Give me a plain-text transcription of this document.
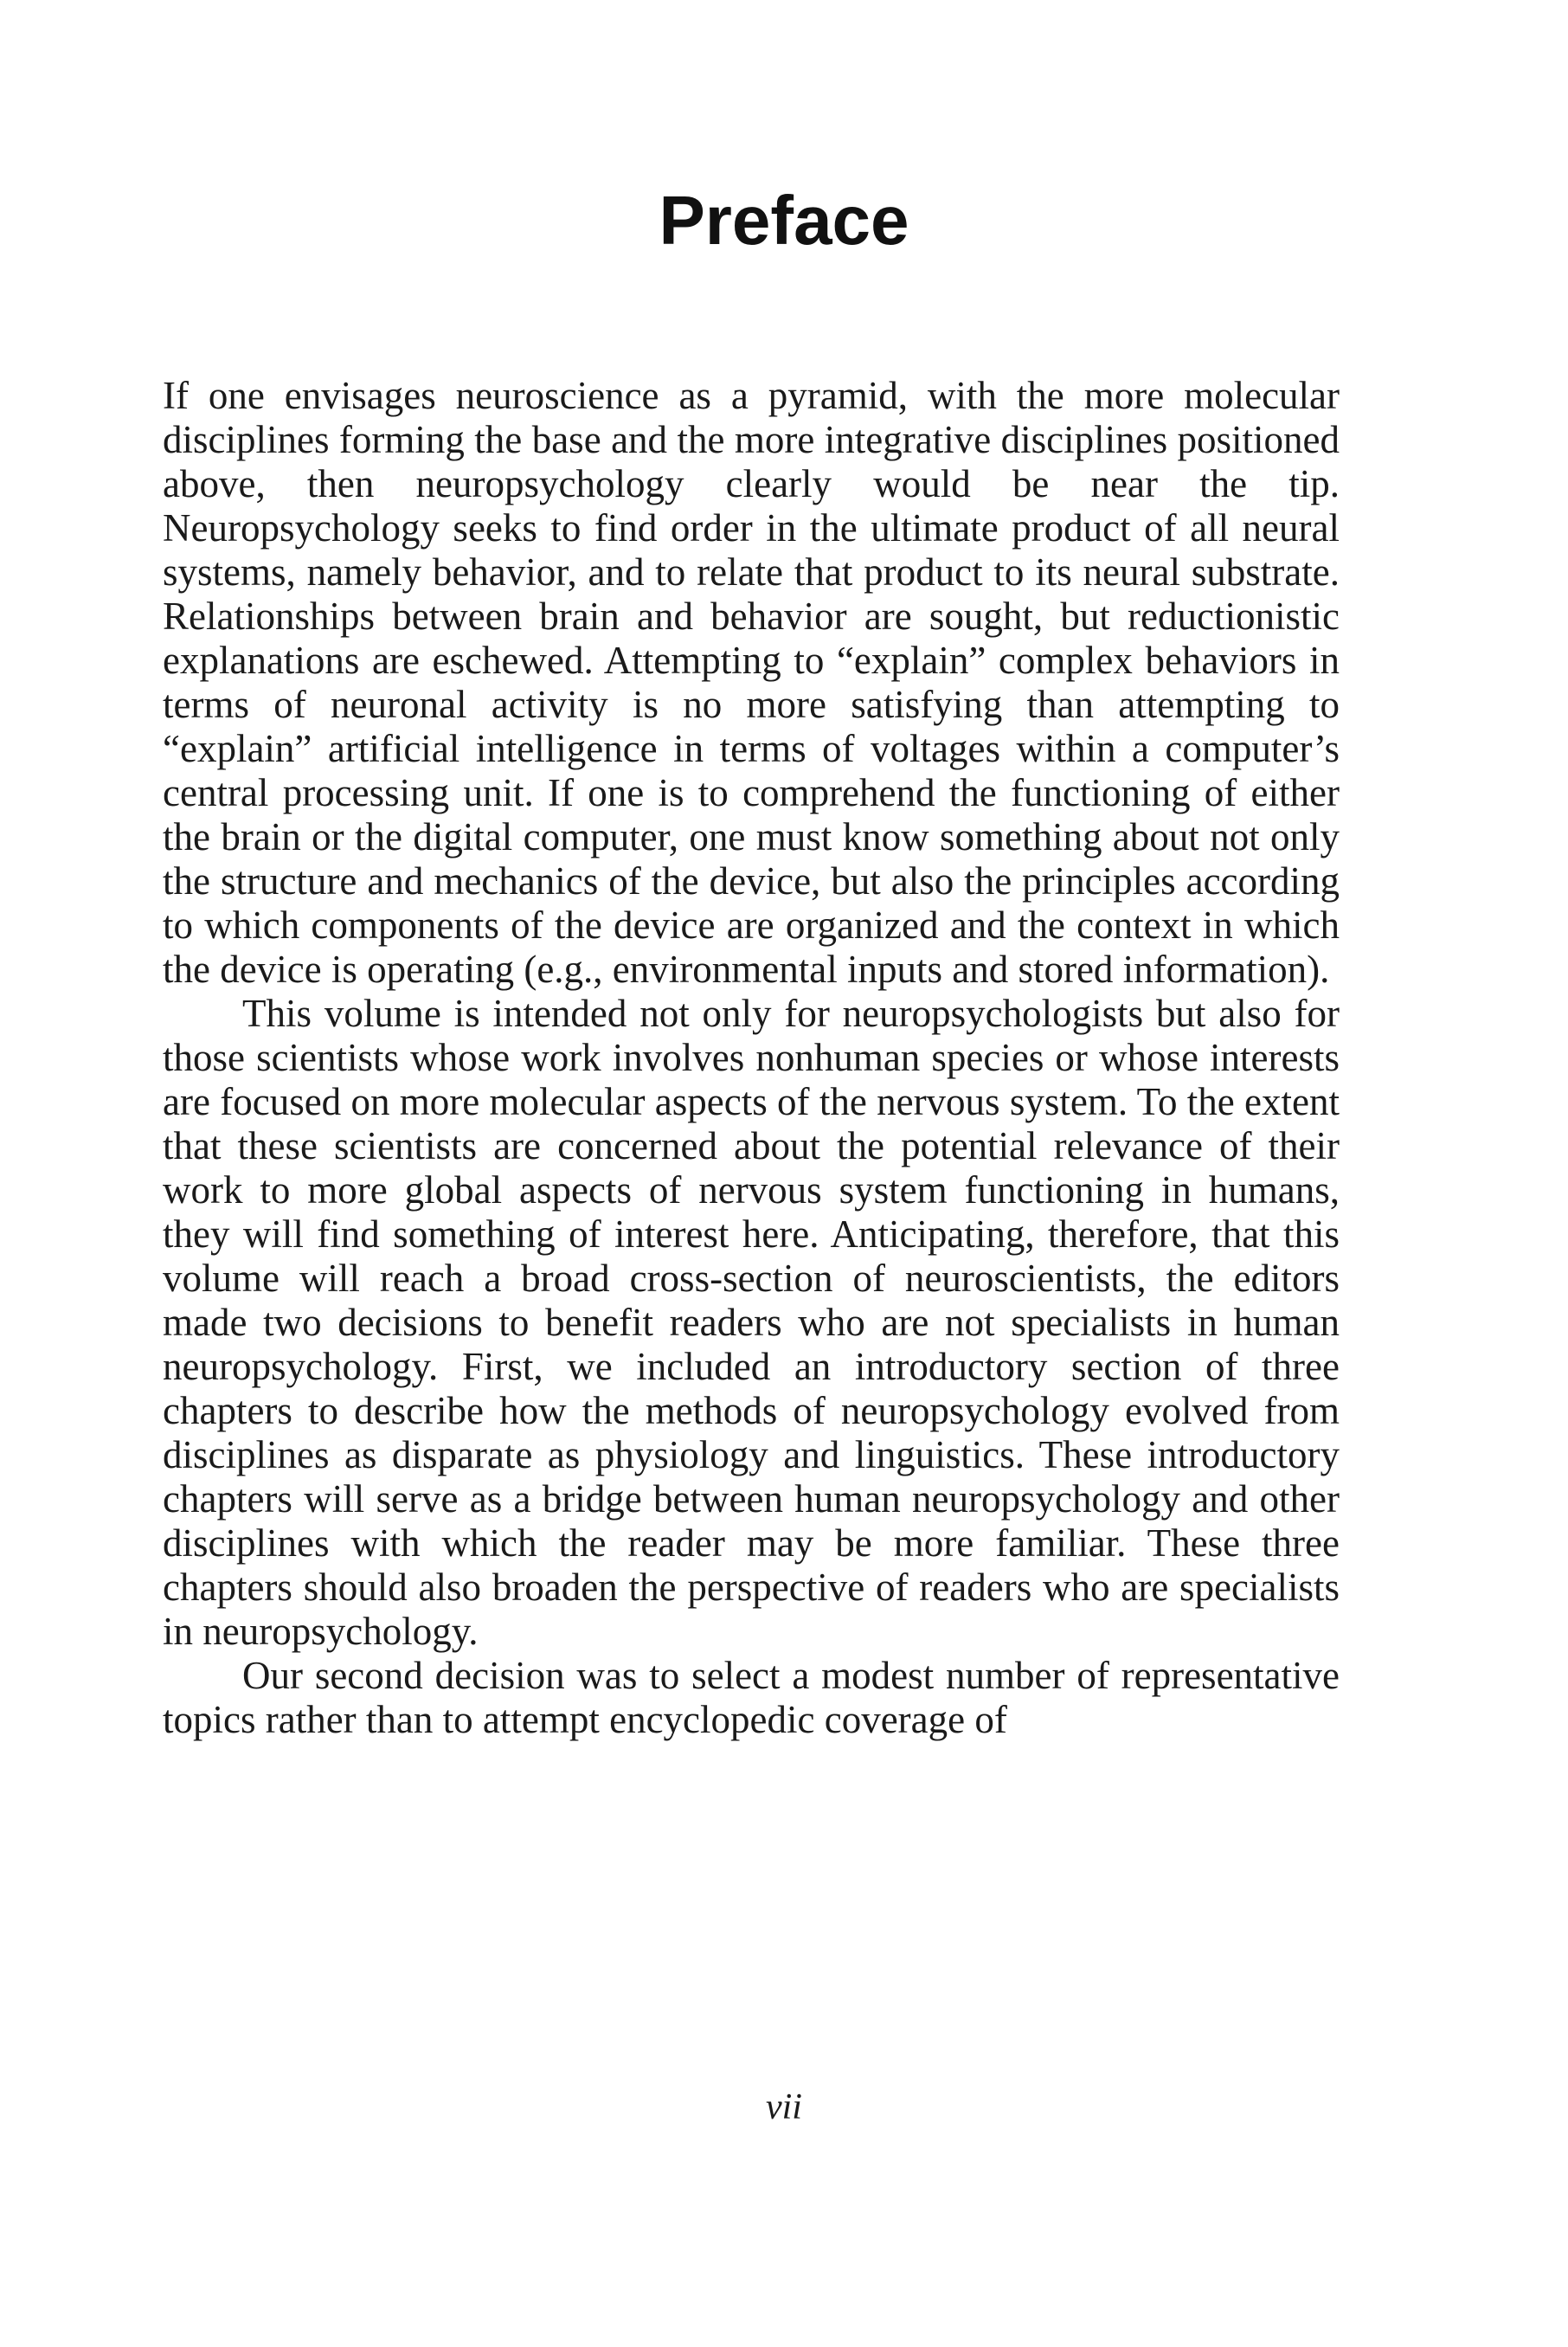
Preface

If one envisages neuroscience as a pyramid, with the more molecular disciplines forming the base and the more integrative disciplines positioned above, then neuropsychology clearly would be near the tip. Neuropsychology seeks to find order in the ultimate product of all neural systems, namely behavior, and to relate that product to its neural substrate. Relationships between brain and behavior are sought, but reductionistic explanations are eschewed. Attempting to “explain” complex behaviors in terms of neuronal activity is no more satisfying than attempting to “explain” artificial intelligence in terms of voltages within a computer’s central processing unit. If one is to comprehend the functioning of either the brain or the digital computer, one must know something about not only the structure and mechanics of the device, but also the principles according to which components of the device are organized and the context in which the device is operating (e.g., environmental inputs and stored information).

This volume is intended not only for neuropsychologists but also for those scientists whose work involves nonhuman species or whose interests are focused on more molecular aspects of the nervous system. To the extent that these scientists are concerned about the potential relevance of their work to more global aspects of nervous system functioning in humans, they will find something of interest here. Anticipating, therefore, that this volume will reach a broad cross-section of neuroscientists, the editors made two decisions to benefit readers who are not specialists in human neuropsychology. First, we included an introductory section of three chapters to describe how the methods of neuropsychology evolved from disciplines as disparate as physiology and linguistics. These introductory chapters will serve as a bridge between human neuropsychology and other disciplines with which the reader may be more familiar. These three chapters should also broaden the perspective of readers who are specialists in neuropsychology.

Our second decision was to select a modest number of representative topics rather than to attempt encyclopedic coverage of

vii
